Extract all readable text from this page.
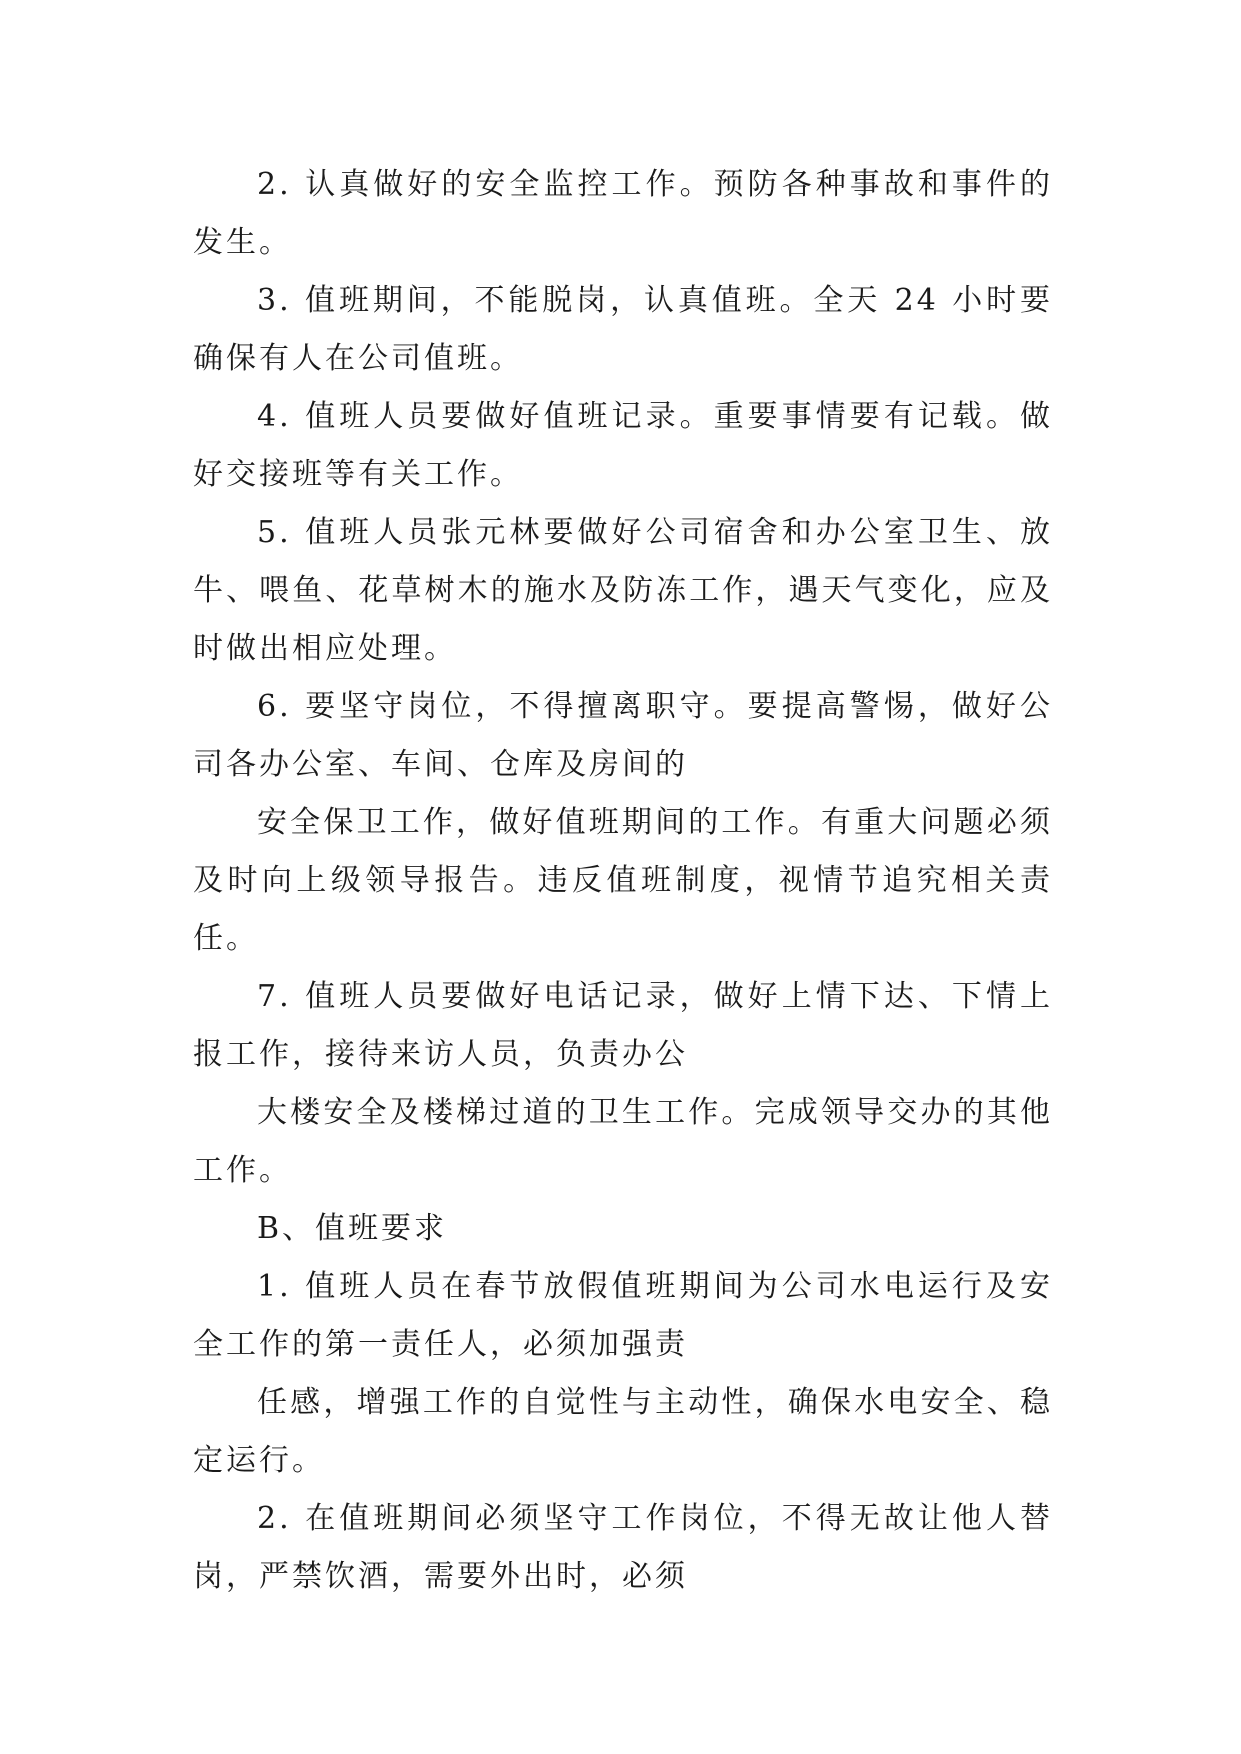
2. 认真做好的安全监控工作。预防各种事故和事件的发生。

3. 值班期间，不能脱岗，认真值班。全天 24 小时要确保有人在公司值班。

4. 值班人员要做好值班记录。重要事情要有记载。做好交接班等有关工作。

5. 值班人员张元林要做好公司宿舍和办公室卫生、放牛、喂鱼、花草树木的施水及防冻工作，遇天气变化，应及时做出相应处理。

6. 要坚守岗位，不得擅离职守。要提高警惕，做好公司各办公室、车间、仓库及房间的

安全保卫工作，做好值班期间的工作。有重大问题必须及时向上级领导报告。违反值班制度，视情节追究相关责任。

7. 值班人员要做好电话记录，做好上情下达、下情上报工作，接待来访人员，负责办公

大楼安全及楼梯过道的卫生工作。完成领导交办的其他工作。

B、值班要求

1. 值班人员在春节放假值班期间为公司水电运行及安全工作的第一责任人，必须加强责

任感，增强工作的自觉性与主动性，确保水电安全、稳定运行。

2. 在值班期间必须坚守工作岗位，不得无故让他人替岗，严禁饮酒，需要外出时，必须
